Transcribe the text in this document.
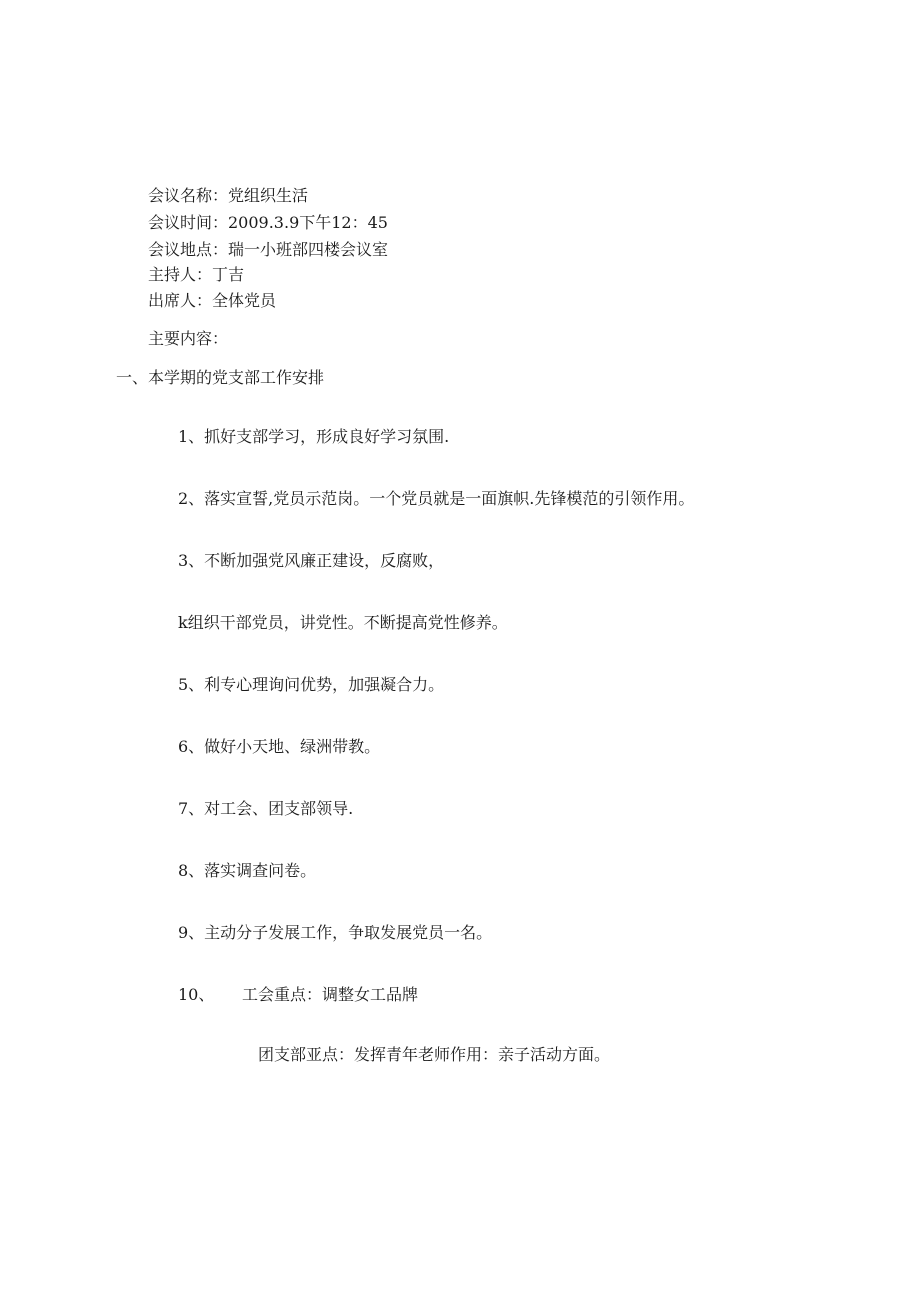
会议名称：党组织生活
会议时间：2009.3.9下午12：45
会议地点：瑞一小班部四楼会议室
主持人：丁吉
出席人：全体党员
主要内容：
一、本学期的党支部工作安排
1、抓好支部学习，形成良好学习氛围.
2、落实宣誓,党员示范岗。一个党员就是一面旗帜.先锋模范的引领作用。
3、不断加强党风廉正建设，反腐败，
k组织干部党员，讲党性。不断提高党性修养。
5、利专心理询问优势，加强凝合力。
6、做好小天地、绿洲带教。
7、对工会、团支部领导.
8、落实调查问卷。
9、主动分子发展工作，争取发展党员一名。
10、 工会重点：调整女工品牌
团支部亚点：发挥青年老师作用：亲子活动方面。
